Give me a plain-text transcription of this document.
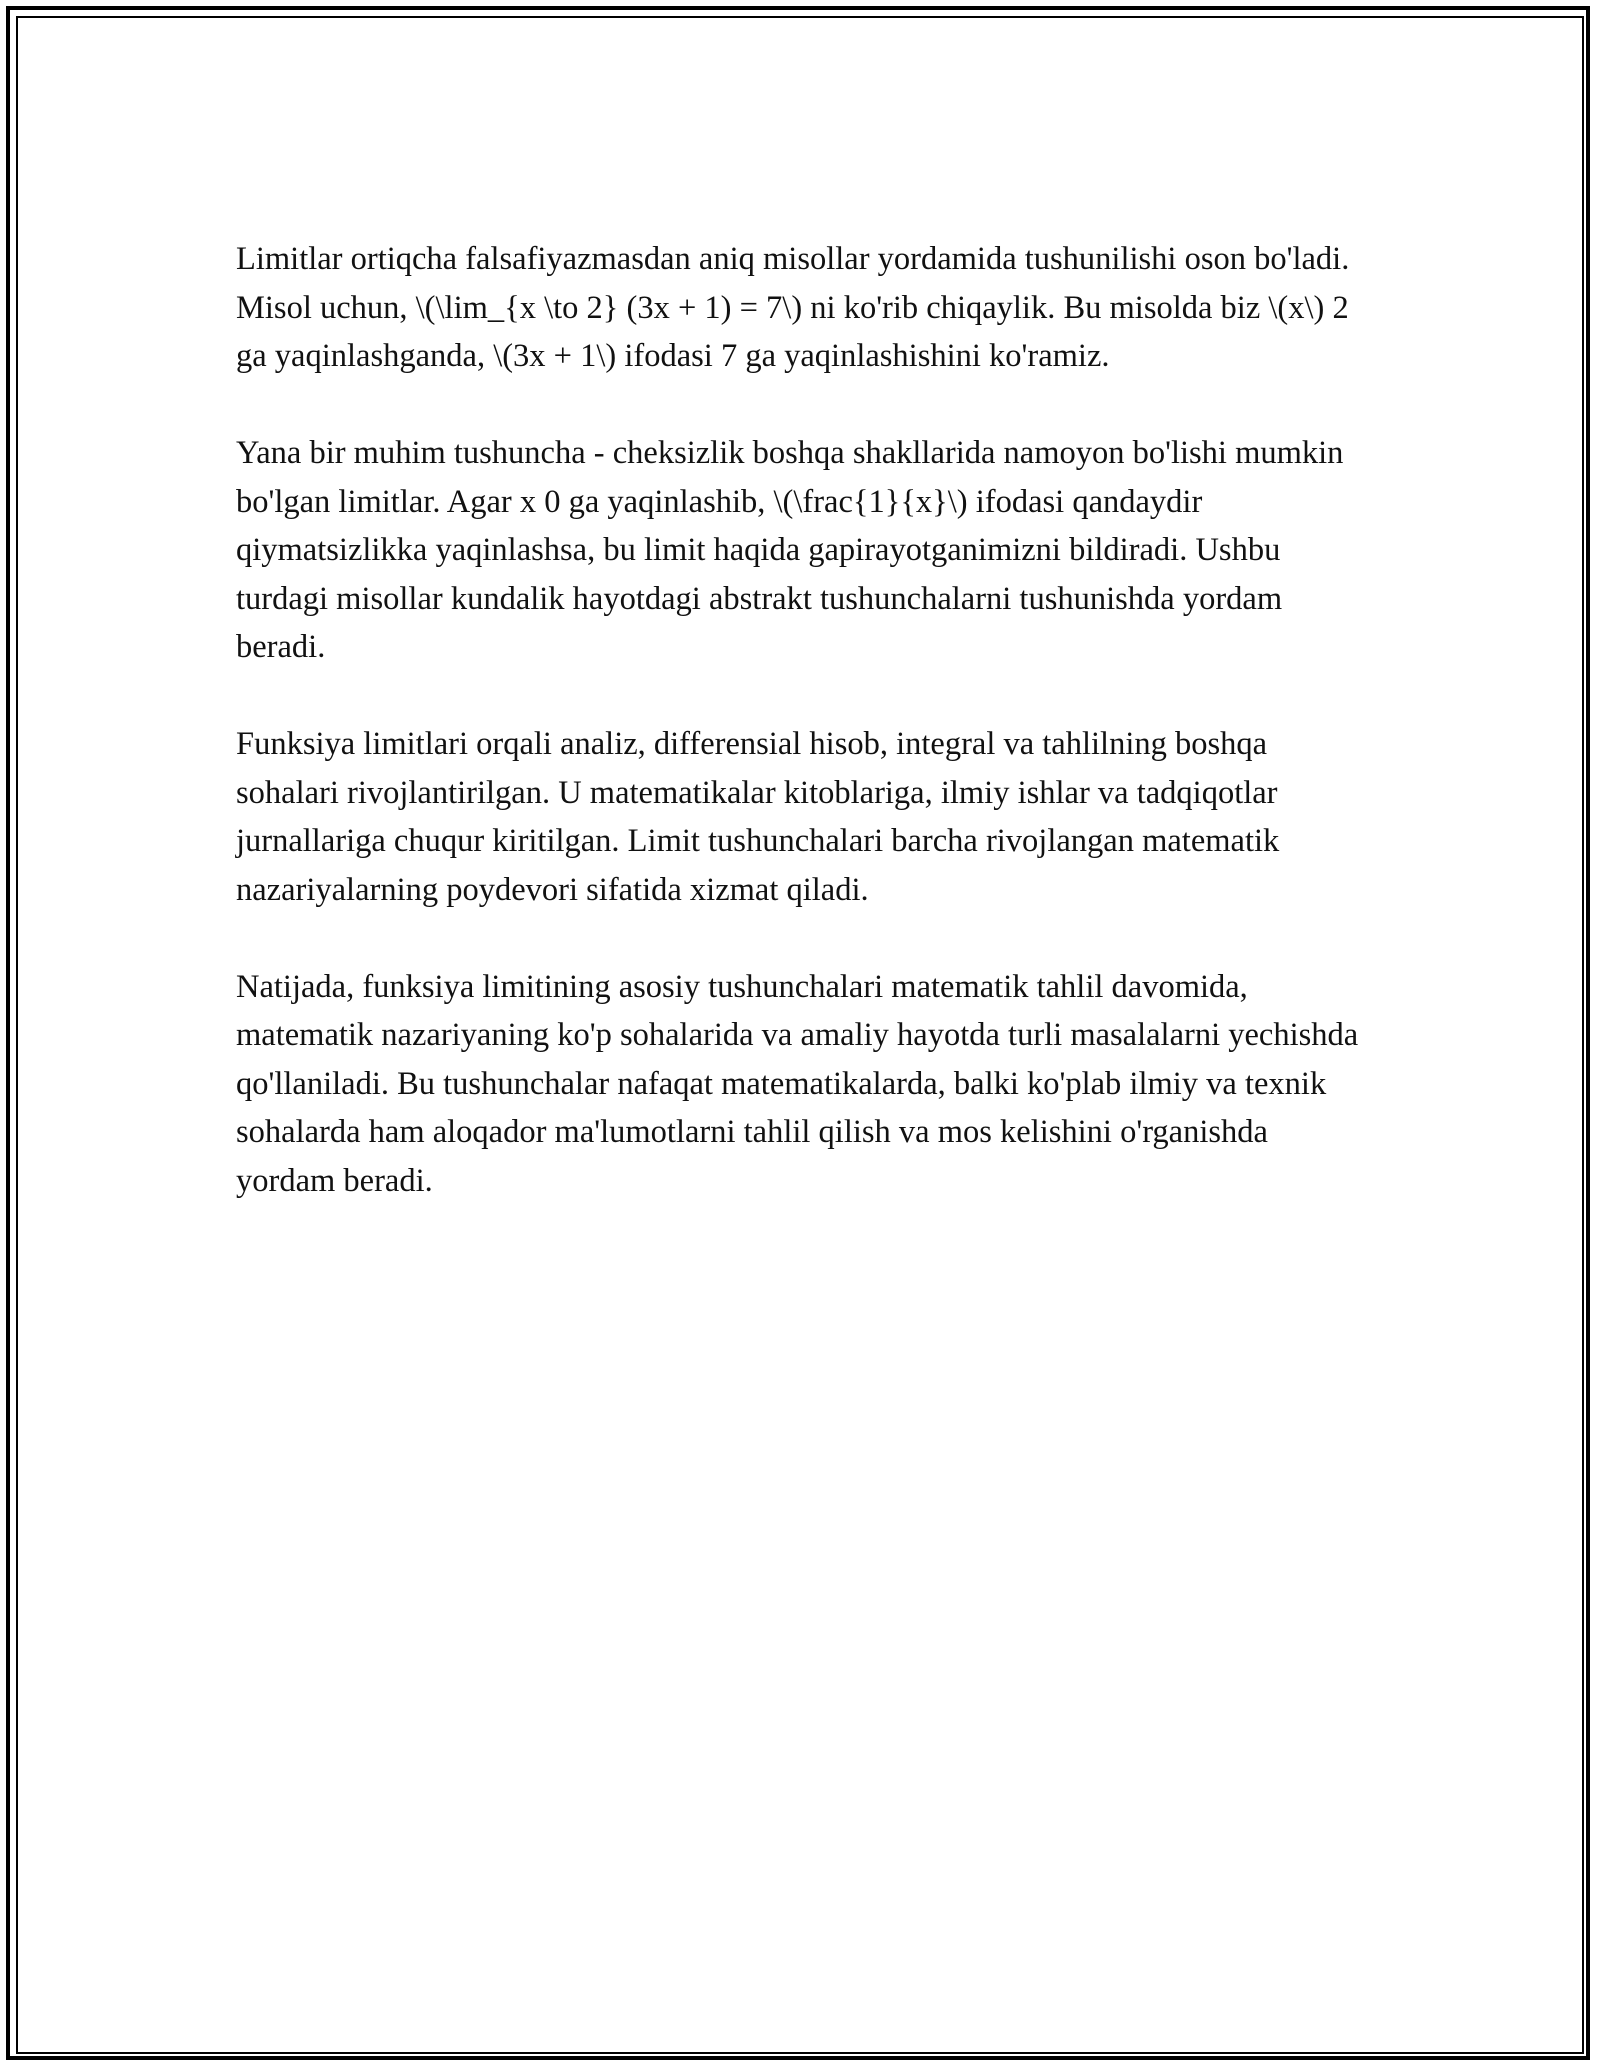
Limitlar ortiqcha falsafiyazmasdan aniq misollar yordamida tushunilishi oson bo'ladi. Misol uchun, \(\lim_{x \to 2} (3x + 1) = 7\) ni ko'rib chiqaylik. Bu misolda biz \(x\) 2 ga yaqinlashganda, \(3x + 1\) ifodasi 7 ga yaqinlashishini ko'ramiz.

Yana bir muhim tushuncha - cheksizlik boshqa shakllarida namoyon bo'lishi mumkin bo'lgan limitlar. Agar x 0 ga yaqinlashib, \(\frac{1}{x}\) ifodasi qandaydir qiymatsizlikka yaqinlashsa, bu limit haqida gapirayotganimizni bildiradi. Ushbu turdagi misollar kundalik hayotdagi abstrakt tushunchalarni tushunishda yordam beradi.

Funksiya limitlari orqali analiz, differensial hisob, integral va tahlilning boshqa sohalari rivojlantirilgan. U matematikalar kitoblariga, ilmiy ishlar va tadqiqotlar jurnallariga chuqur kiritilgan. Limit tushunchalari barcha rivojlangan matematik nazariyalarning poydevori sifatida xizmat qiladi.

Natijada, funksiya limitining asosiy tushunchalari matematik tahlil davomida, matematik nazariyaning ko'p sohalarida va amaliy hayotda turli masalalarni yechishda qo'llaniladi. Bu tushunchalar nafaqat matematikalarda, balki ko'plab ilmiy va texnik sohalarda ham aloqador ma'lumotlarni tahlil qilish va mos kelishini o'rganishda yordam beradi.
